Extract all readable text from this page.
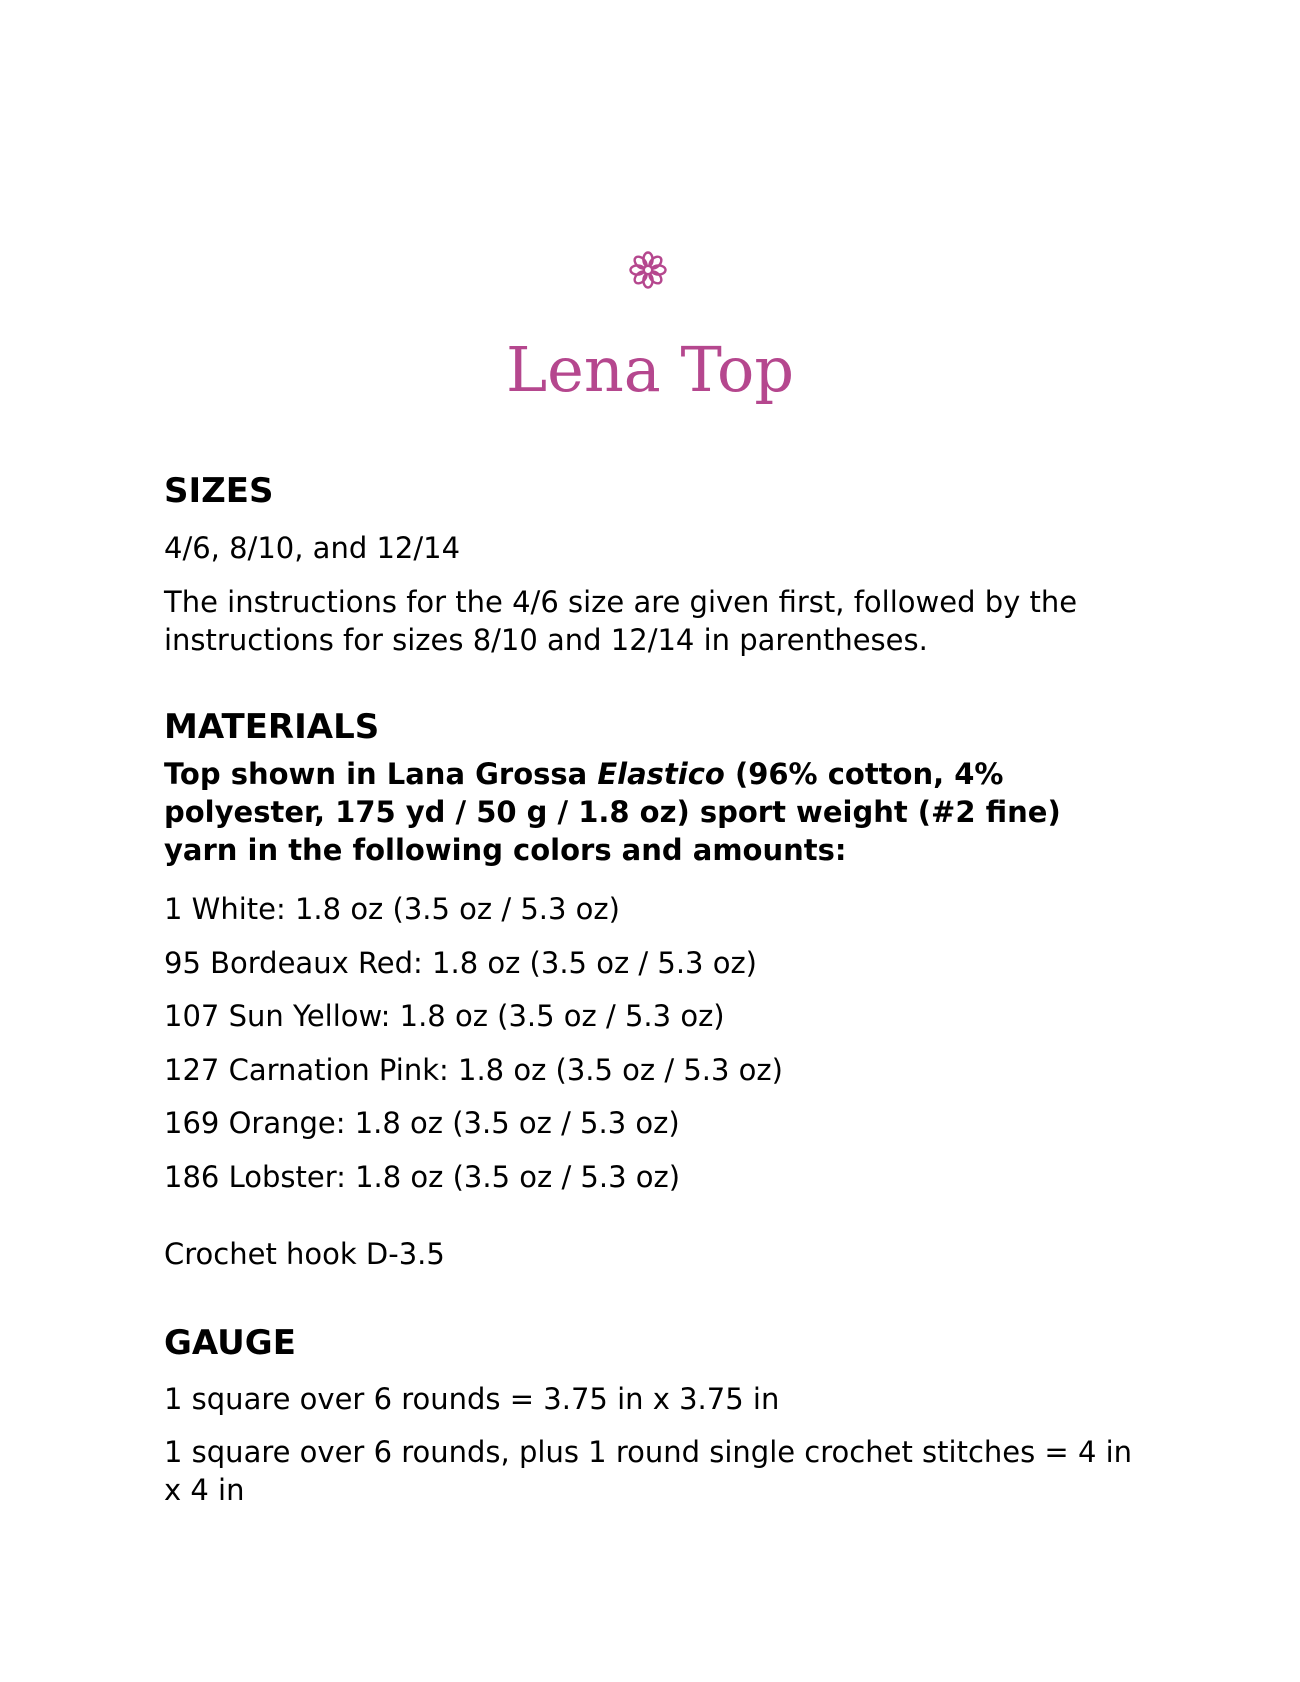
Lena Top
SIZES

4/6, 8/10, and 12/14

The instructions for the 4/6 size are given first, followed by the instructions for sizes 8/10 and 12/14 in parentheses.

MATERIALS

Top shown in Lana Grossa Elastico (96% cotton, 4% polyester, 175 yd / 50 g / 1.8 oz) sport weight (#2 fine) yarn in the following colors and amounts:

1 White: 1.8 oz (3.5 oz / 5.3 oz)
95 Bordeaux Red: 1.8 oz (3.5 oz / 5.3 oz)
107 Sun Yellow: 1.8 oz (3.5 oz / 5.3 oz)
127 Carnation Pink: 1.8 oz (3.5 oz / 5.3 oz)
169 Orange: 1.8 oz (3.5 oz / 5.3 oz)
186 Lobster: 1.8 oz (3.5 oz / 5.3 oz)

Crochet hook D-3.5

GAUGE

1 square over 6 rounds = 3.75 in x 3.75 in

1 square over 6 rounds, plus 1 round single crochet stitches = 4 in x 4 in
